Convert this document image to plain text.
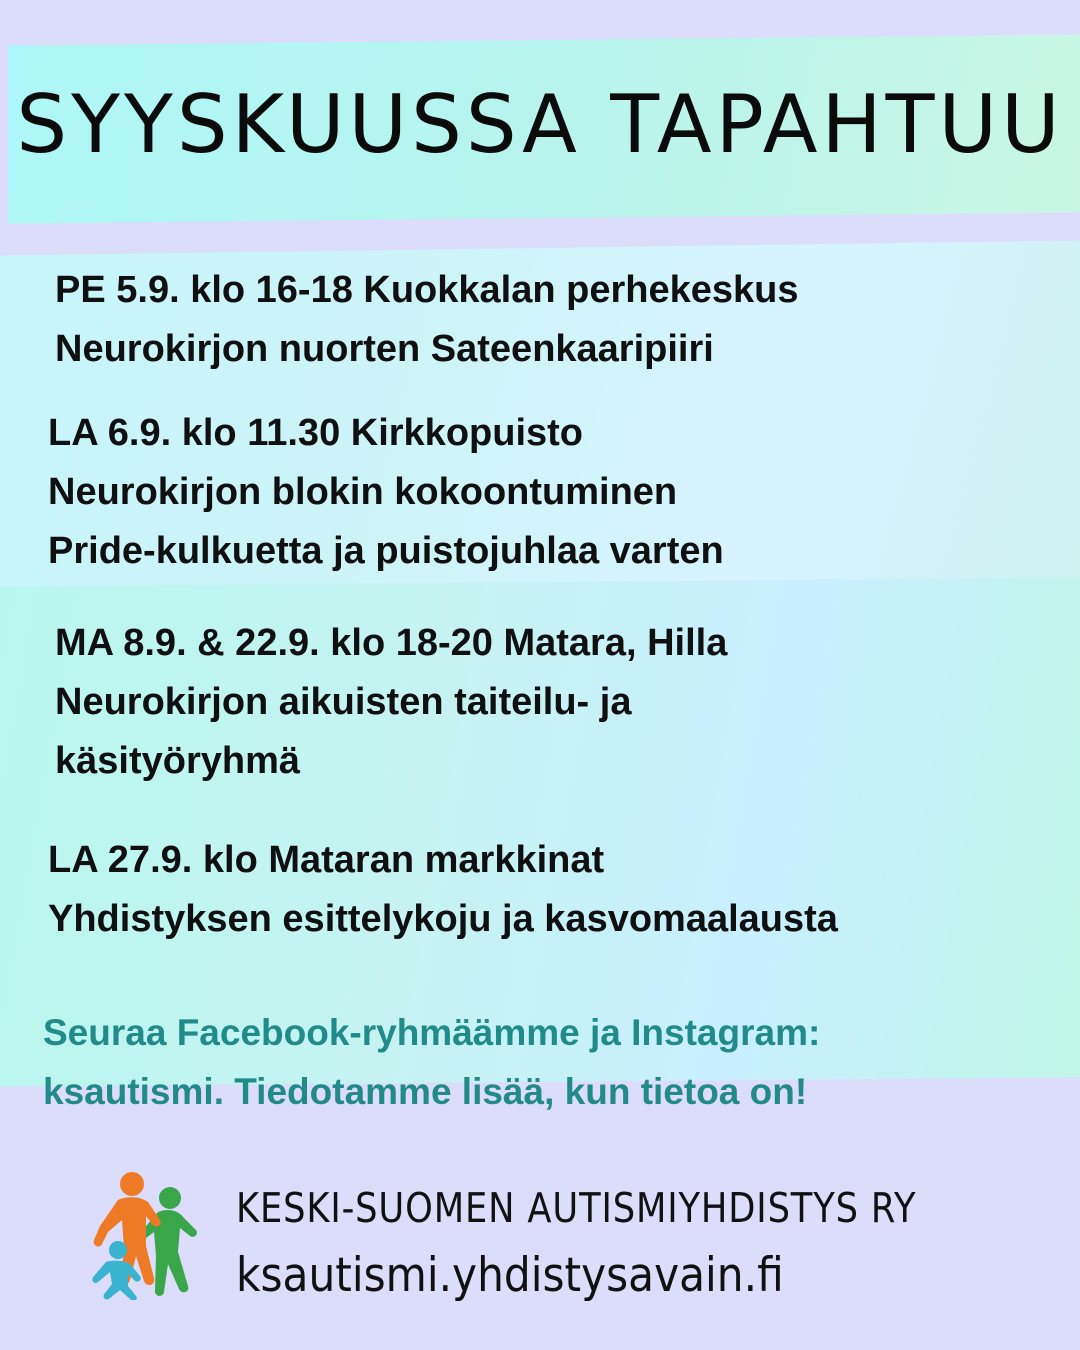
SYYSKUUSSA TAPAHTUU
PE 5.9. klo 16-18 Kuokkalan perhekeskus
Neurokirjon nuorten Sateenkaaripiiri
LA 6.9. klo 11.30 Kirkkopuisto
Neurokirjon blokin kokoontuminen
Pride-kulkuetta ja puistojuhlaa varten
MA 8.9. & 22.9. klo 18-20 Matara, Hilla
Neurokirjon aikuisten taiteilu- ja
käsityöryhmä
LA 27.9. klo Mataran markkinat
Yhdistyksen esittelykoju ja kasvomaalausta
Seuraa Facebook-ryhmäämme ja Instagram:
ksautismi. Tiedotamme lisää, kun tietoa on!
KESKI-SUOMEN AUTISMIYHDISTYS RY
ksautismi.yhdistysavain.fi
